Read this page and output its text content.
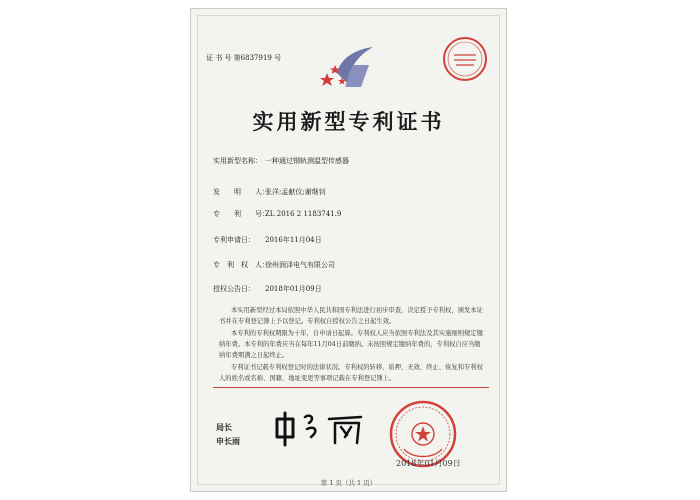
证 书 号 第6837919 号
实用新型专利证书
实用新型名称： 一种通过钢轨测温型传感器
发　　明　　人：
张洋;孟献仪;谢继钊
专　　利　　号：
ZL 2016 2 1183741.9
专利申请日： 2016年11月04日
专　利　权　人：
徐州润泽电气有限公司
授权公告日： 2018年01月09日

本实用新型经过本局依照中华人民共和国专利法进行初步审查，决定授予专利权，颁发本证书并在专利登记簿上予以登记。专利权自授权公告之日起生效。

本专利的专利权期限为十年，自申请日起算。专利权人应当依照专利法及其实施细则规定缴纳年费。本专利的年费应当在每年11月04日前缴纳。未按照规定缴纳年费的，专利权自应当缴纳年费期满之日起终止。

专利证书记载专利权登记时的法律状况。专利权的转移、质押、无效、终止、恢复和专利权人的姓名或名称、国籍、地址变更等事项记载在专利登记簿上。

局长
申长雨
2018年01月09日
第 1 页（共 1 页）
